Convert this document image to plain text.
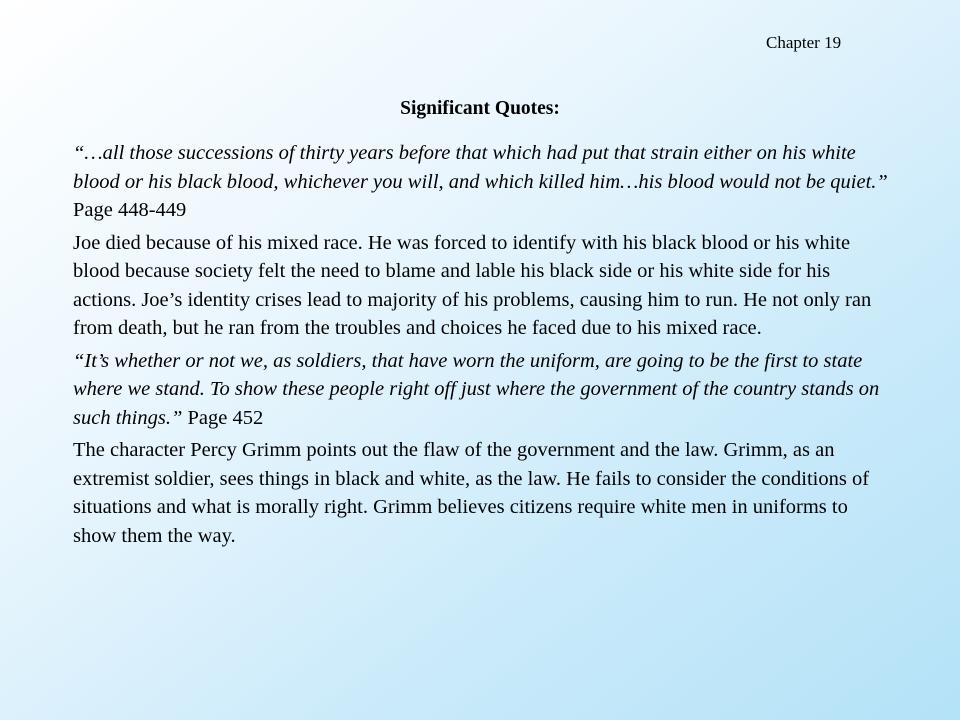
Chapter 19
Significant Quotes:

“…all those successions of thirty years before that which had put that strain either on his white blood or his black blood, whichever you will, and which killed him…his blood would not be quiet.” Page 448-449

Joe died because of his mixed race. He was forced to identify with his black blood or his white blood because society felt the need to blame and lable his black side or his white side for his actions. Joe’s identity crises lead to majority of his problems, causing him to run. He not only ran from death, but he ran from the troubles and choices he faced due to his mixed race.

“It’s whether or not we, as soldiers, that have worn the uniform, are going to be the first to state where we stand. To show these people right off just where the government of the country stands on such things.” Page 452

The character Percy Grimm points out the flaw of the government and the law. Grimm, as an extremist soldier, sees things in black and white, as the law. He fails to consider the conditions of situations and what is morally right. Grimm believes citizens require white men in uniforms to show them the way.
